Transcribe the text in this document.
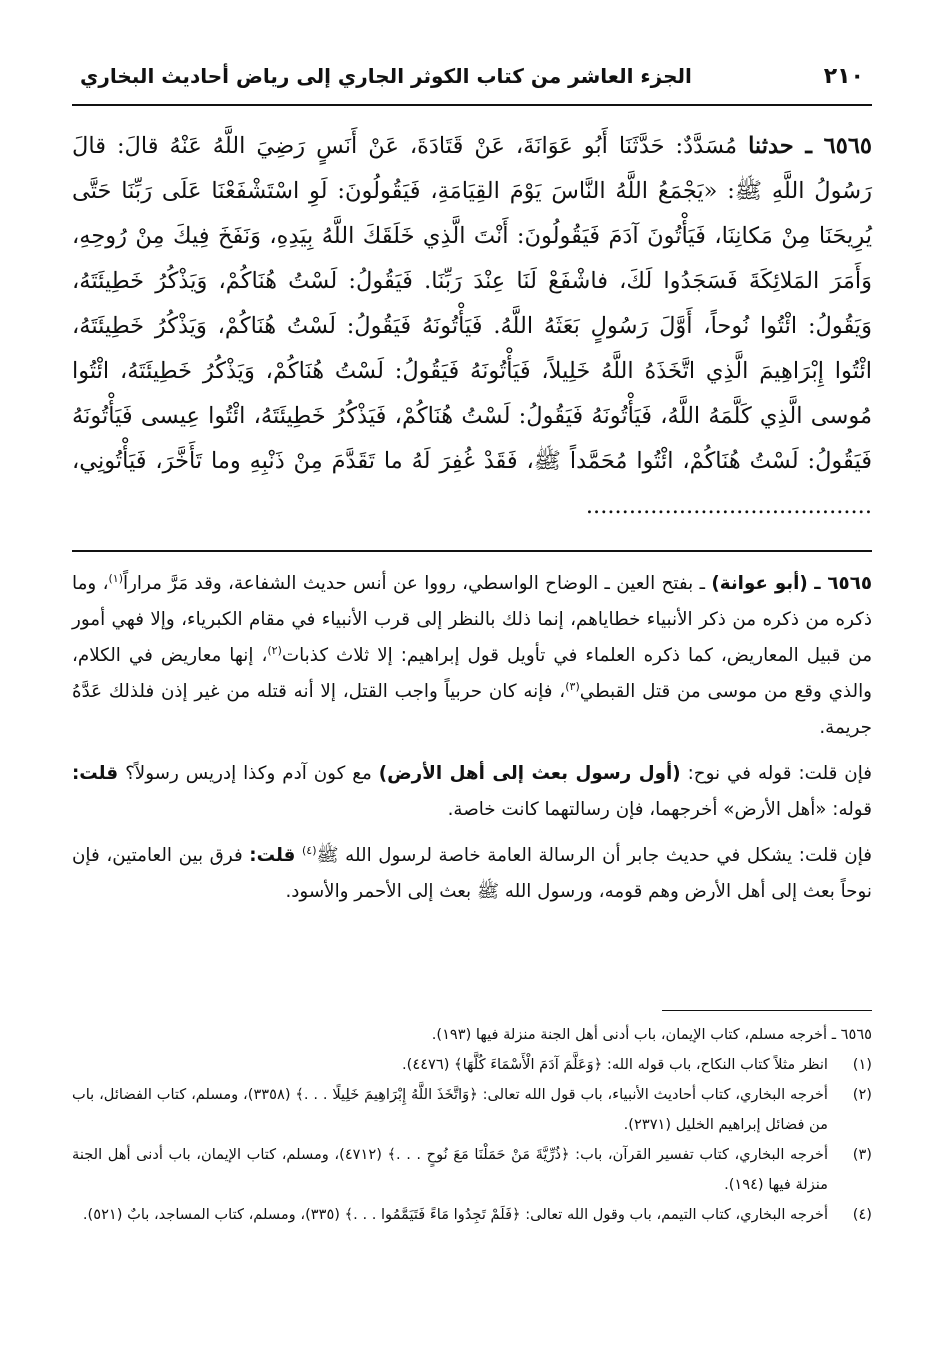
٢١٠
الجزء العاشر من كتاب الكوثر الجاري إلى رياض أحاديث البخاري
٦٥٦٥ ـ حدثنا مُسَدَّدٌ: حَدَّثَنَا أَبُو عَوَانَةَ، عَنْ قَتَادَةَ، عَنْ أَنَسٍ رَضِيَ اللَّهُ عَنْهُ قالَ: قالَ رَسُولُ اللَّهِ ﷺ: «يَجْمَعُ اللَّهُ النَّاسَ يَوْمَ القِيَامَةِ، فَيَقُولُونَ: لَوِ اسْتَشْفَعْنَا عَلَى رَبِّنَا حَتَّى يُرِيحَنَا مِنْ مَكانِنَا، فَيَأْتُونَ آدَمَ فَيَقُولُونَ: أَنْتَ الَّذِي خَلَقَكَ اللَّهُ بِيَدِهِ، وَنَفَخَ فِيكَ مِنْ رُوحِهِ، وَأَمَرَ المَلائِكَةَ فَسَجَدُوا لَكَ، فاشْفَعْ لَنَا عِنْدَ رَبِّنَا. فَيَقُولُ: لَسْتُ هُنَاكُمْ، وَيَذْكُرُ خَطِيئَتَهُ، وَيَقُولُ: ائْتُوا نُوحاً، أَوَّلَ رَسُولٍ بَعَثَهُ اللَّهُ. فَيَأْتُونَهُ فَيَقُولُ: لَسْتُ هُنَاكُمْ، وَيَذْكُرُ خَطِيئَتَهُ، ائْتُوا إِبْرَاهِيمَ الَّذِي اتَّخَذَهُ اللَّهُ خَلِيلاً، فَيَأْتُونَهُ فَيَقُولُ: لَسْتُ هُنَاكُمْ، وَيَذْكُرُ خَطِيئَتَهُ، ائْتُوا مُوسى الَّذِي كَلَّمَهُ اللَّهُ، فَيَأْتُونَهُ فَيَقُولُ: لَسْتُ هُنَاكُمْ، فَيَذْكُرُ خَطِيئَتَهُ، ائْتُوا عِيسى فَيَأْتُونَهُ فَيَقُولُ: لَسْتُ هُنَاكُمْ، ائْتُوا مُحَمَّداً ﷺ، فَقَدْ غُفِرَ لَهُ ما تَقَدَّمَ مِنْ ذَنْبِهِ وما تَأَخَّرَ، فَيَأْتُونِي، ........................................

٦٥٦٥ ـ (أبو عوانة) ـ بفتح العين ـ الوضاح الواسطي، رووا عن أنس حديث الشفاعة، وقد مَرَّ مراراً$^{(١)}$، وما ذكره من ذكره من ذكر الأنبياء خطاياهم، إنما ذلك بالنظر إلى قرب الأنبياء في مقام الكبرياء، وإلا فهي أمور من قبيل المعاريض، كما ذكره العلماء في تأويل قول إبراهيم: إلا ثلاث كذبات$^{(٢)}$، إنها معاريض في الكلام، والذي وقع من موسى من قتل القبطي$^{(٣)}$، فإنه كان حربياً واجب القتل، إلا أنه قتله من غير إذن فلذلك عَدَّهُ جريمة.

فإن قلت: قوله في نوح: (أول رسول بعث إلى أهل الأرض) مع كون آدم وكذا إدريس رسولاً؟ قلت: قوله: «أهل الأرض» أخرجهما، فإن رسالتهما كانت خاصة.

فإن قلت: يشكل في حديث جابر أن الرسالة العامة خاصة لرسول الله ﷺ$^{(٤)}$ قلت: فرق بين العامتين، فإن نوحاً بعث إلى أهل الأرض وهم قومه، ورسول الله ﷺ بعث إلى الأحمر والأسود.

٦٥٦٥ ـ أخرجه مسلم، كتاب الإيمان، باب أدنى أهل الجنة منزلة فيها (١٩٣).

(١)
انظر مثلاً كتاب النكاح، باب قوله الله: ﴿وَعَلَّمَ آدَمَ الْأَسْمَاءَ كُلَّهَا﴾ (٤٤٧٦).
(٢)
أخرجه البخاري، كتاب أحاديث الأنبياء، باب قول الله تعالى: ﴿وَاتَّخَذَ اللَّهُ إِبْرَاهِيمَ خَلِيلًا . . .﴾ (٣٣٥٨)، ومسلم، كتاب الفضائل، باب من فضائل إبراهيم الخليل (٢٣٧١).
(٣)
أخرجه البخاري، كتاب تفسير القرآن، باب: ﴿ذُرِّيَّةَ مَنْ حَمَلْنَا مَعَ نُوحٍ . . .﴾ (٤٧١٢)، ومسلم، كتاب الإيمان، باب أدنى أهل الجنة منزلة فيها (١٩٤).
(٤)
أخرجه البخاري، كتاب التيمم، باب وقول الله تعالى: ﴿فَلَمْ تَجِدُوا مَاءً فَتَيَمَّمُوا . . .﴾ (٣٣٥)، ومسلم، كتاب المساجد، بابٌ (٥٢١).
